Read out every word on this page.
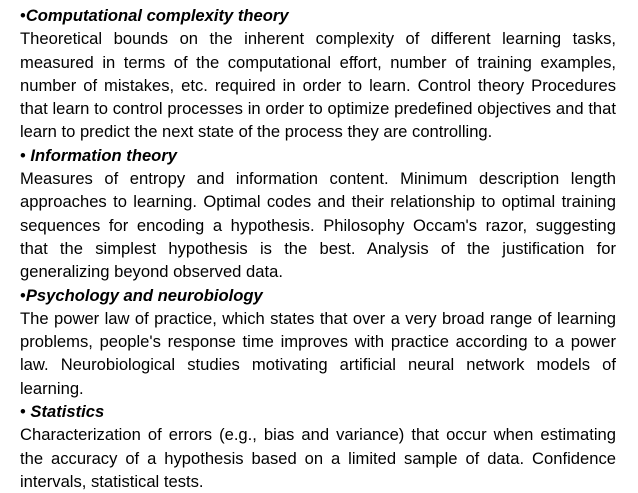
•Computational complexity theory

Theoretical bounds on the inherent complexity of different learning tasks, measured in terms of the computational effort, number of training examples, number of mistakes, etc. required in order to learn. Control theory Procedures that learn to control processes in order to optimize predefined objectives and that learn to predict the next state of the process they are controlling.

• Information theory

Measures of entropy and information content. Minimum description length approaches to learning. Optimal codes and their relationship to optimal training sequences for encoding a hypothesis. Philosophy Occam's razor, suggesting that the simplest hypothesis is the best. Analysis of the justification for generalizing beyond observed data.

•Psychology and neurobiology

The power law of practice, which states that over a very broad range of learning problems, people's response time improves with practice according to a power law. Neurobiological studies motivating artificial neural network models of learning.

• Statistics

Characterization of errors (e.g., bias and variance) that occur when estimating the accuracy of a hypothesis based on a limited sample of data. Confidence intervals, statistical tests.
